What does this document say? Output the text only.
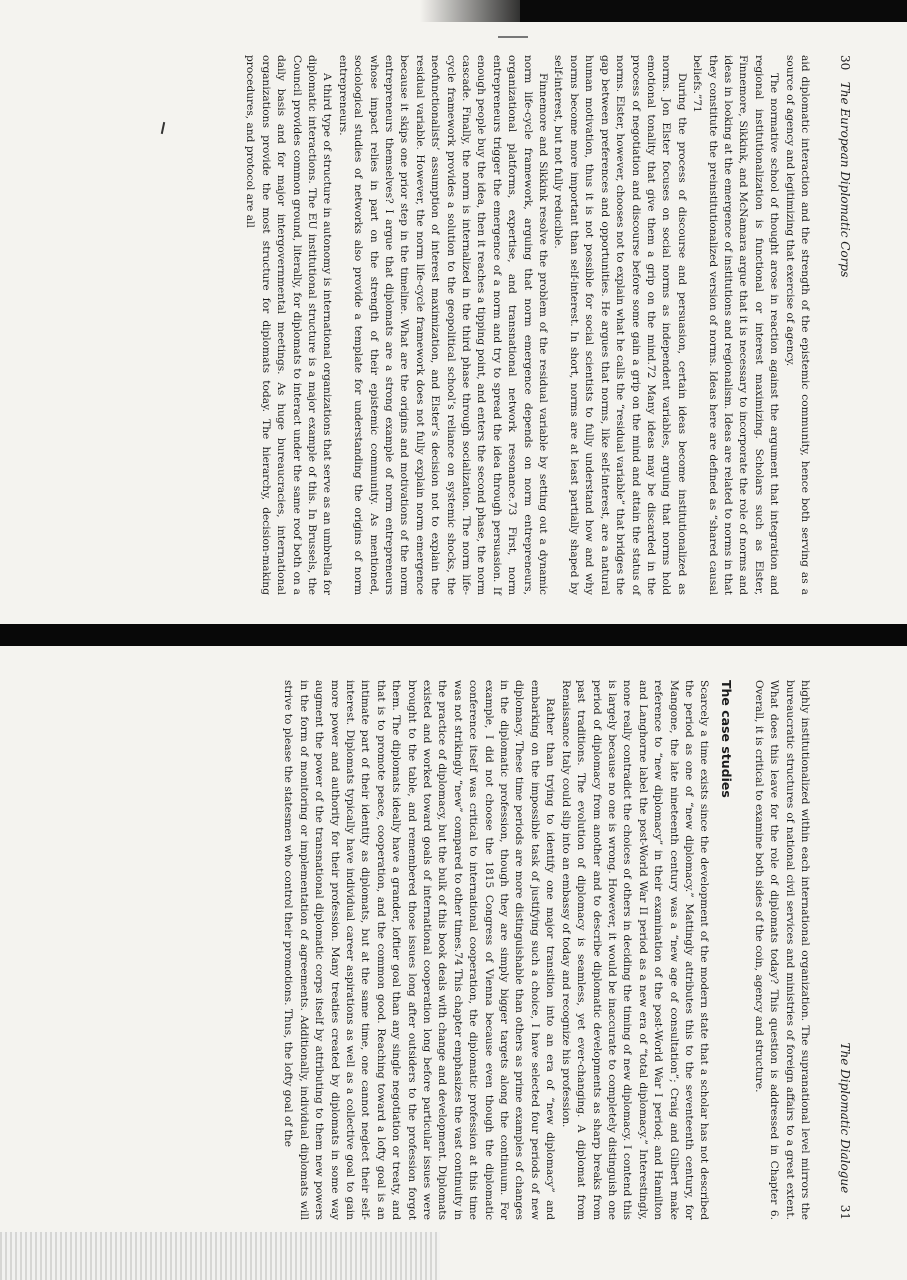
30   The European Diplomatic Corps

aid diplomatic interaction and the strength of the epistemic community, hence both serving as a source of agency and legitimizing that exercise of agency.

The normative school of thought arose in reaction against the argument that integration and regional institutionalization is functional or interest maximizing. Scholars such as Elster, Finnemore, Sikkink, and McNamara argue that it is necessary to incorporate the role of norms and ideas in looking at the emergence of institutions and regionalism. Ideas are related to norms in that they constitute the preinstitutionalized version of norms. Ideas here are defined as “shared causal beliefs.”71

During the process of discourse and persuasion, certain ideas become institutionalized as norms. Jon Elster focuses on social norms as independent variables, arguing that norms hold emotional tonality that give them a grip on the mind.72 Many ideas may be discarded in the process of negotiation and discourse before some gain a grip on the mind and attain the status of norms. Elster, however, chooses not to explain what he calls the “residual variable” that bridges the gap between preferences and opportunities. He argues that norms, like self-interest, are a natural human motivation, thus it is not possible for social scientists to fully understand how and why norms become more important than self-interest. In short, norms are at least partially shaped by self-interest, but not fully reducible.

Finnemore and Sikkink resolve the problem of the residual variable by setting out a dynamic norm life-cycle framework, arguing that norm emergence depends on norm entrepreneurs, organizational platforms, expertise, and transnational network resonance.73 First, norm entrepreneurs trigger the emergence of a norm and try to spread the idea through persuasion. If enough people buy the idea, then it reaches a tipping point, and enters the second phase, the norm cascade. Finally, the norm is internalized in the third phase through socialization. The norm life-cycle framework provides a solution to the geopolitical school’s reliance on systemic shocks, the neofunctionalists’ assumption of interest maximization, and Elster’s decision not to explain the residual variable. However, the norm life-cycle framework does not fully explain norm emergence because it skips one prior step in the timeline. What are the origins and motivations of the norm entrepreneurs themselves? I argue that diplomats are a strong example of norm entrepreneurs whose impact relies in part on the strength of their epistemic community. As mentioned, sociological studies of networks also provide a template for understanding the origins of norm entrepreneurs.

A third type of structure in autonomy is international organizations that serve as an umbrella for diplomatic interactions. The EU institutional structure is a major example of this. In Brussels, the Council provides common ground, literally, for diplomats to interact under the same roof both on a daily basis and for major intergovernmental meetings. As huge bureaucracies, international organizations provide the most structure for diplomats today. The hierarchy, decision-making procedures, and protocol are all

The Diplomatic Dialogue   31

highly institutionalized within each international organization. The supranational level mirrors the bureaucratic structures of national civil services and ministries of foreign affairs to a great extent. What does this leave for the role of diplomats today? This question is addressed in Chapter 6. Overall, it is critical to examine both sides of the coin, agency and structure.

The case studies

Scarcely a time exists since the development of the modern state that a scholar has not described the period as one of “new diplomacy.” Mattingly attributes this to the seventeenth century, for Mangone, the late nineteenth century was a “new age of consultation”; Craig and Gilbert make reference to “new diplomacy” in their examination of the post-World War I period; and Hamilton and Langhorne label the post-World War II period as a new era of “total diplomacy.” Interestingly, none really contradict the choices of others in deciding the timing of new diplomacy. I contend this is largely because no one is wrong. However, it would be inaccurate to completely distinguish one period of diplomacy from another and to describe diplomatic developments as sharp breaks from past traditions. The evolution of diplomacy is seamless, yet ever-changing. A diplomat from Renaissance Italy could slip into an embassy of today and recognize his profession.

Rather than trying to identify one major transition into an era of “new diplomacy” and embarking on the impossible task of justifying such a choice, I have selected four periods of new diplomacy. These time periods are more distinguishable than others as prime examples of changes in the diplomatic profession, though they are simply bigger targets along the continuum. For example, I did not choose the 1815 Congress of Vienna because even though the diplomatic conference itself was critical to international cooperation, the diplomatic profession at this time was not strikingly “new” compared to other times.74 This chapter emphasizes the vast continuity in the practice of diplomacy, but the bulk of this book deals with change and development. Diplomats existed and worked toward goals of international cooperation long before particular issues were brought to the table, and remembered those issues long after outsiders to the profession forgot them. The diplomats ideally have a grander, loftier goal than any single negotiation or treaty, and that is to promote peace, cooperation, and the common good. Reaching toward a lofty goal is an intimate part of their identity as diplomats, but at the same time, one cannot neglect their self-interest. Diplomats typically have individual career aspirations as well as a collective goal to gain more power and authority for their profession. Many treaties created by diplomats in some way augment the power of the transnational diplomatic corps itself by attributing to them new powers in the form of monitoring or implementation of agreements. Additionally, individual diplomats will strive to please the statesmen who control their promotions. Thus, the lofty goal of the
